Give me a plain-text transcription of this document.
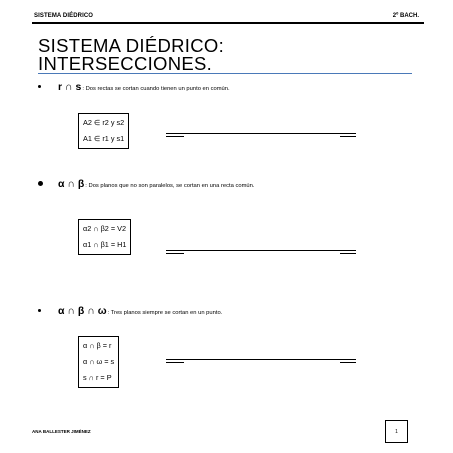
SISTEMA DIÉDRICO	2º BACH.
SISTEMA DIÉDRICO:
INTERSECCIONES.
r ∩ s : Dos rectas se cortan cuando tienen un punto en común.
A2 ∈ r2 y s2
A1 ∈ r1 y s1
α ∩ β : Dos planos que no son paralelos, se cortan en una recta común.
α2 ∩ β2 = V2
α1 ∩ β1 = H1
α ∩ β ∩ ω : Tres planos siempre se cortan en un punto.
α ∩ β = r
α ∩ ω = s
s ∩ r = P
ANA BALLESTER JIMÉNEZ	1
